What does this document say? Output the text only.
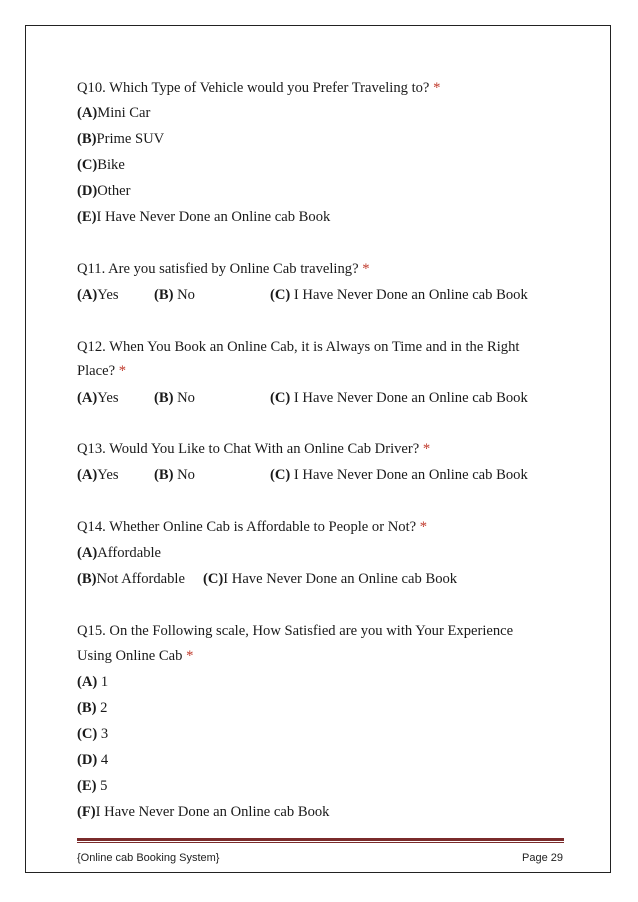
Q10. Which Type of Vehicle would you Prefer Traveling to? *
(A)Mini Car
(B)Prime SUV
(C)Bike
(D)Other
(E)I Have Never Done an Online cab Book
Q11. Are you satisfied by Online Cab traveling? *
(A)Yes (B) No	(C) I Have Never Done an Online cab Book
Q12. When You Book an Online Cab, it is Always on Time and in the Right
Place? *
(A)Yes (B) No	(C) I Have Never Done an Online cab Book
Q13. Would You Like to Chat With an Online Cab Driver? *
(A)Yes (B) No	(C) I Have Never Done an Online cab Book
Q14. Whether Online Cab is Affordable to People or Not? *
(A)Affordable
(B)Not Affordable (C)I Have Never Done an Online cab Book
Q15. On the Following scale, How Satisfied are you with Your Experience
Using Online Cab *
(A) 1
(B) 2
(C) 3
(D) 4
(E) 5
(F)I Have Never Done an Online cab Book
{Online cab Booking System}	Page 29
